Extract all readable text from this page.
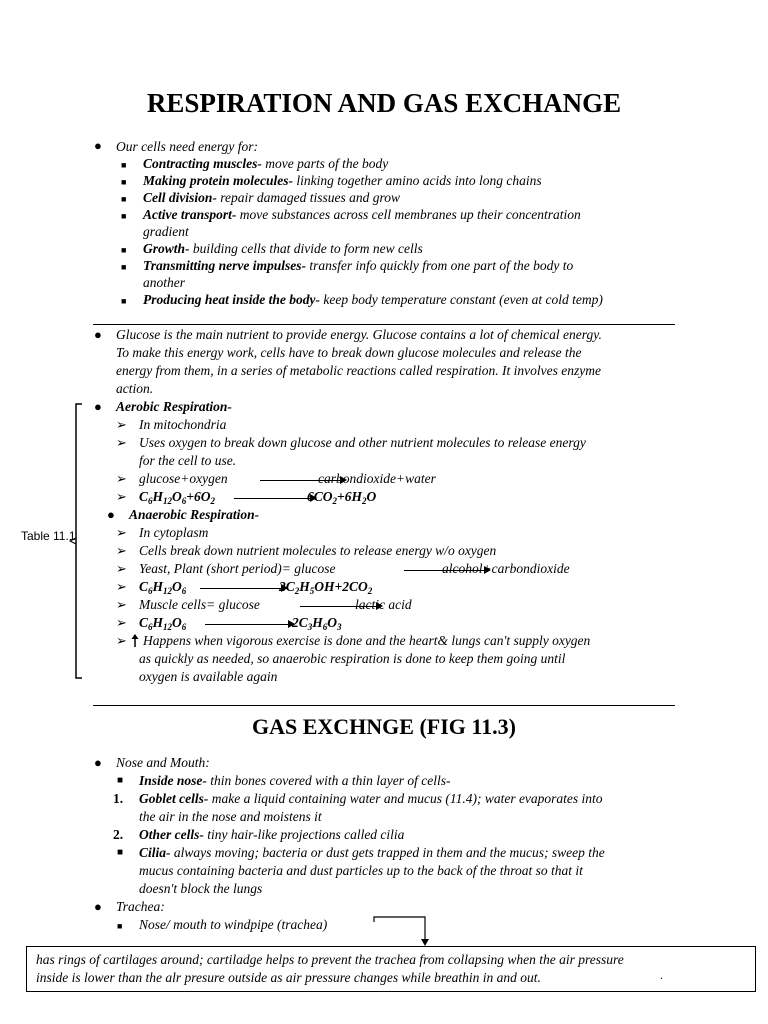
RESPIRATION AND GAS EXCHANGE
● Our cells need energy for:
■ Contracting muscles- move parts of the body
■ Making protein molecules- linking together amino acids into long chains
■ Cell division- repair damaged tissues and grow
■ Active transport- move substances across cell membranes up their concentration
gradient
■ Growth- building cells that divide to form new cells
■ Transmitting nerve impulses- transfer info quickly from one part of the body to
another
■ Producing heat inside the body- keep body temperature constant (even at cold temp)
● Glucose is the main nutrient to provide energy. Glucose contains a lot of chemical energy.
To make this energy work, cells have to break down glucose molecules and release the
energy from them, in a series of metabolic reactions called respiration. It involves enzyme
action.
Table 11.1
● Aerobic Respiration-
➢ In mitochondria
➢ Uses oxygen to break down glucose and other nutrient molecules to release energy
for the cell to use.
➢ glucose+oxygen	carbondioxide+water
➢ $C_6H_{12}O_6+6O_2$	$6CO_2+6H_2O$
● Anaerobic Respiration-
➢ In cytoplasm
➢ Cells break down nutrient molecules to release energy w/o oxygen
➢ Yeast, Plant (short period)= glucose	alcohol+carbondioxide
➢ $C_6H_{12}O_6$	$2C_2H_5OH+2CO_2$
➢ Muscle cells= glucose	lactic acid
➢ $C_6H_{12}O_6$	$2C_3H_6O_3$
➢ Happens when vigorous exercise is done and the heart& lungs can't supply oxygen
as quickly as needed, so anaerobic respiration is done to keep them going until
oxygen is available again
GAS EXCHNGE (FIG 11.3)
● Nose and Mouth:
■ Inside nose- thin bones covered with a thin layer of cells-
1. Goblet cells- make a liquid containing water and mucus (11.4); water evaporates into
the air in the nose and moistens it
2. Other cells- tiny hair-like projections called cilia
■ Cilia- always moving; bacteria or dust gets trapped in them and the mucus; sweep the
mucus containing bacteria and dust particles up to the back of the throat so that it
doesn't block the lungs
● Trachea:
■ Nose/ mouth to windpipe (trachea)
has rings of cartilages around; cartiladge helps to prevent the trachea from collapsing when the air pressure
inside is lower than the alr presure outside as air pressure changes while breathin in and out.	.
